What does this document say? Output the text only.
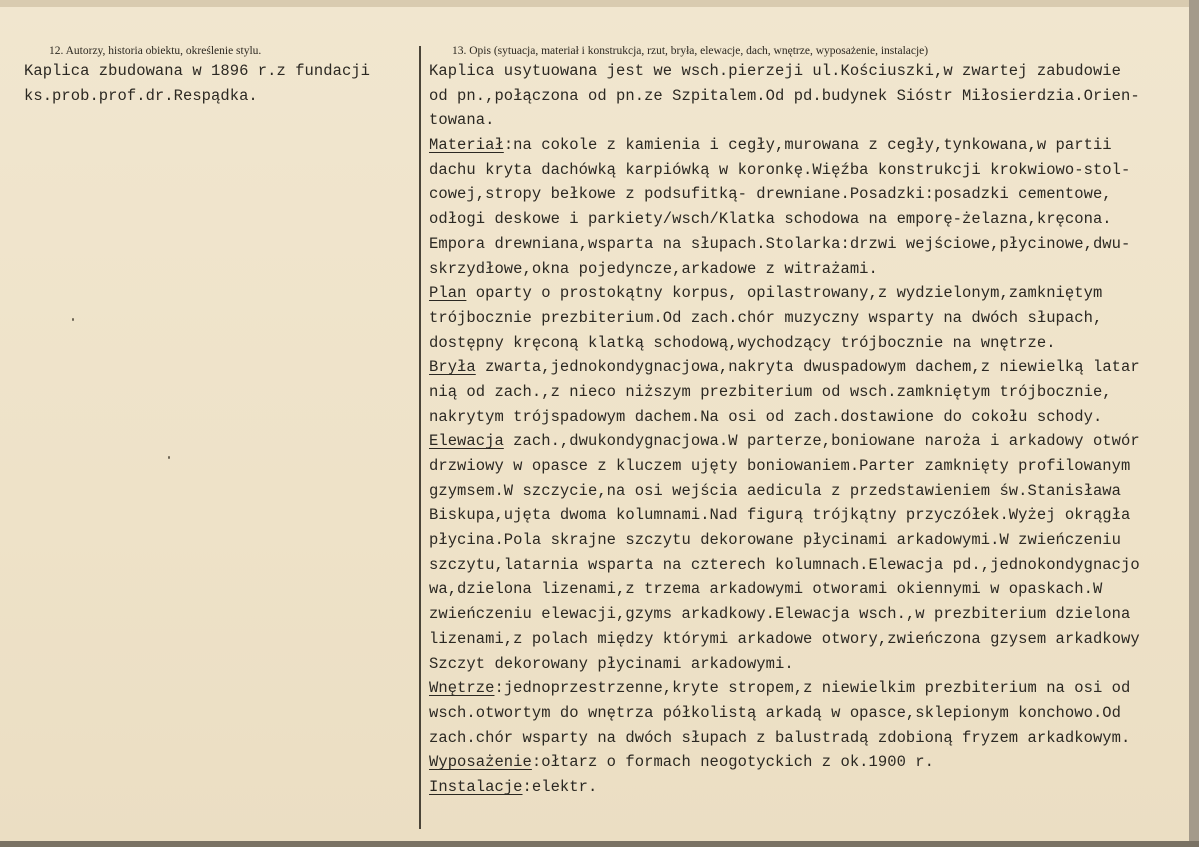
12. Autorzy, historia obiektu, określenie stylu.	13. Opis (sytuacja, materiał i konstrukcja, rzut, bryła, elewacje, dach, wnętrze, wyposażenie, instalacje)
Kaplica zbudowana w 1896 r.z fundacji
ks.prob.prof.dr.Respądka.
Kaplica usytuowana jest we wsch.pierzeji ul.Kościuszki,w zwartej zabudowie
od pn.,połączona od pn.ze Szpitalem.Od pd.budynek Sióstr Miłosierdzia.Orien-
towana.
Materiał:na cokole z kamienia i cegły,murowana z cegły,tynkowana,w partii
dachu kryta dachówką karpiówką w koronkę.Więźba konstrukcji krokwiowo-stol-
cowej,stropy bełkowe z podsufitką- drewniane.Posadzki:posadzki cementowe,
odłogi deskowe i parkiety/wsch/Klatka schodowa na emporę-żelazna,kręcona.
Empora drewniana,wsparta na słupach.Stolarka:drzwi wejściowe,płycinowe,dwu-
skrzydłowe,okna pojedyncze,arkadowe z witrażami.
Plan oparty o prostokątny korpus, opilastrowany,z wydzielonym,zamkniętym
trójbocznie prezbiterium.Od zach.chór muzyczny wsparty na dwóch słupach,
dostępny kręconą klatką schodową,wychodzący trójbocznie na wnętrze.
Bryła zwarta,jednokondygnacjowa,nakryta dwuspadowym dachem,z niewielką latar
nią od zach.,z nieco niższym prezbiterium od wsch.zamkniętym trójbocznie,
nakrytym trójspadowym dachem.Na osi od zach.dostawione do cokołu schody.
Elewacja zach.,dwukondygnacjowa.W parterze,boniowane naroża i arkadowy otwór
drzwiowy w opasce z kluczem ujęty boniowaniem.Parter zamknięty profilowanym
gzymsem.W szczycie,na osi wejścia aedicula z przedstawieniem św.Stanisława
Biskupa,ujęta dwoma kolumnami.Nad figurą trójkątny przyczółek.Wyżej okrągła
płycina.Pola skrajne szczytu dekorowane płycinami arkadowymi.W zwieńczeniu
szczytu,latarnia wsparta na czterech kolumnach.Elewacja pd.,jednokondygnacjo
wa,dzielona lizenami,z trzema arkadowymi otworami okiennymi w opaskach.W
zwieńczeniu elewacji,gzyms arkadkowy.Elewacja wsch.,w prezbiterium dzielona
lizenami,z polach między którymi arkadowe otwory,zwieńczona gzysem arkadkowy
Szczyt dekorowany płycinami arkadowymi.
Wnętrze:jednoprzestrzenne,kryte stropem,z niewielkim prezbiterium na osi od
wsch.otwortym do wnętrza półkolistą arkadą w opasce,sklepionym konchowo.Od
zach.chór wsparty na dwóch słupach z balustradą zdobioną fryzem arkadkowym.
Wyposażenie:ołtarz o formach neogotyckich z ok.1900 r.
Instalacje:elektr.
